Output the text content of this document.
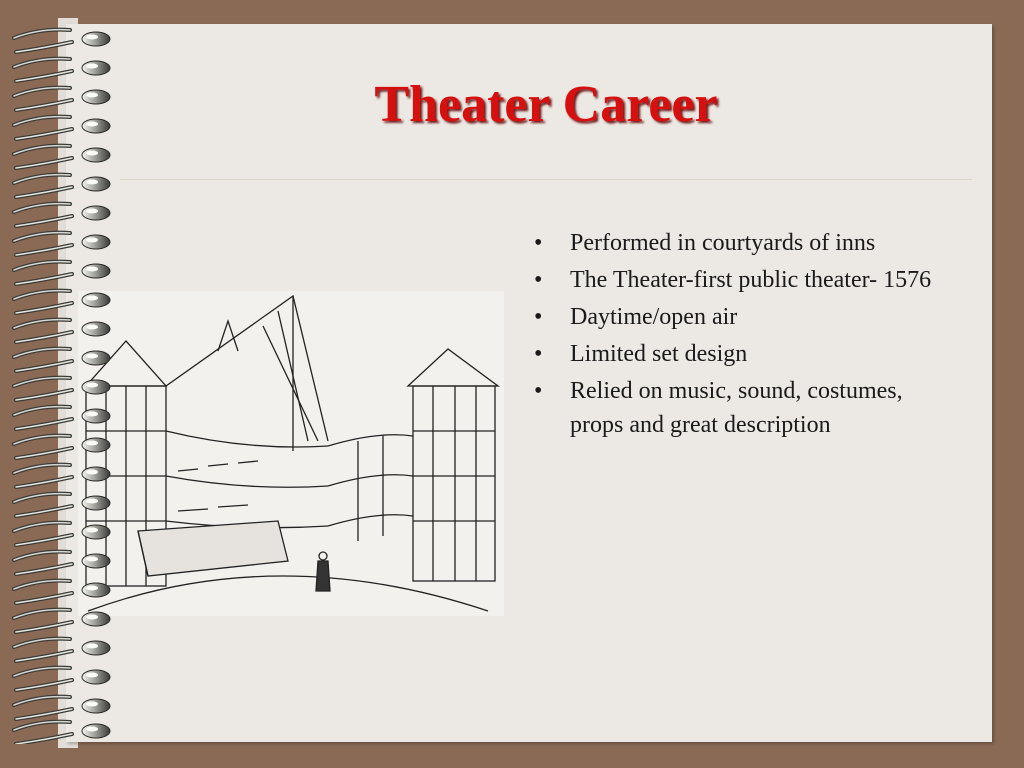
Theater Career
• Performed in courtyards of inns
• The Theater-first public theater- 1576
• Daytime/open air
• Limited set design
• Relied on music, sound, costumes, props and great description
